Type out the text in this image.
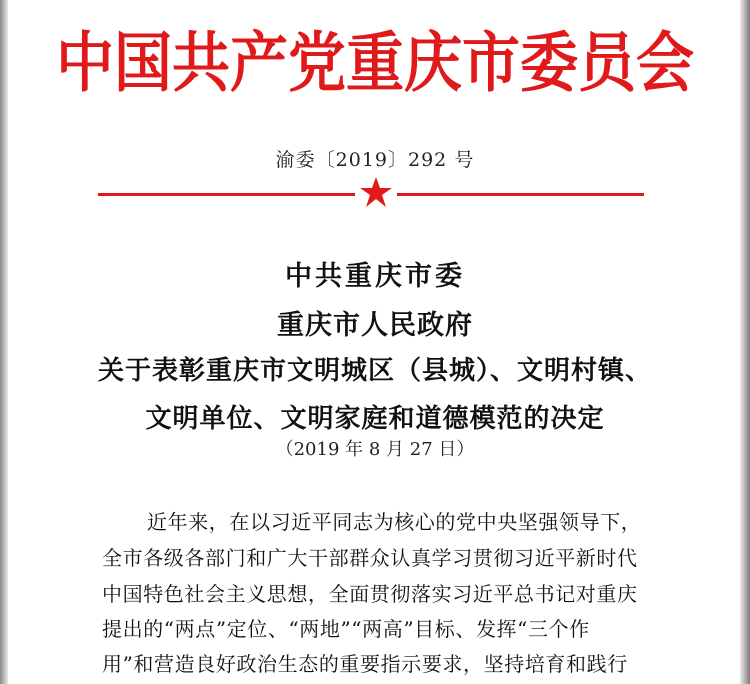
中国共产党重庆市委员会
渝委〔2019〕292 号
中共重庆市委
重庆市人民政府
关于表彰重庆市文明城区（县城）、文明村镇、
文明单位、文明家庭和道德模范的决定
（2019 年 8 月 27 日）
近年来，在以习近平同志为核心的党中央坚强领导下，
全市各级各部门和广大干部群众认真学习贯彻习近平新时代
中国特色社会主义思想，全面贯彻落实习近平总书记对重庆
提出的“两点”定位、“两地”“两高”目标、发挥“三个作
用”和营造良好政治生态的重要指示要求，坚持培育和践行
